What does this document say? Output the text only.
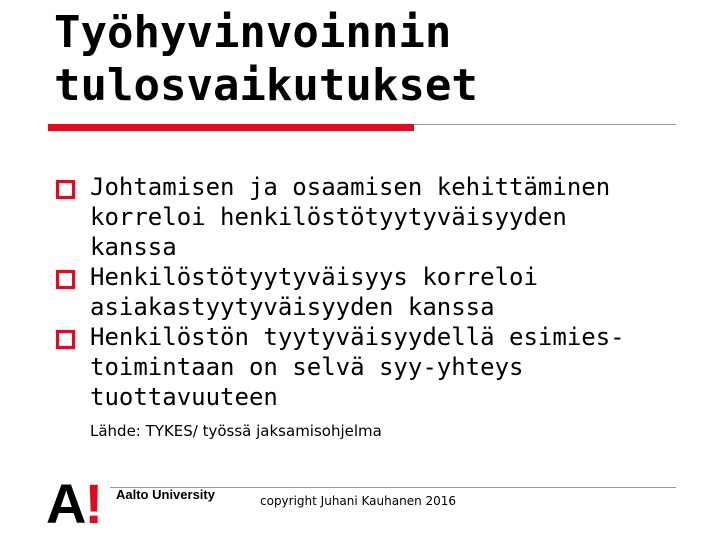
Työhyvinvoinnin
tulosvaikutukset
Johtamisen ja osaamisen kehittäminen
korreloi henkilöstötyytyväisyyden
kanssa
Henkilöstötyytyväisyys korreloi
asiakastyytyväisyyden kanssa
Henkilöstön tyytyväisyydellä esimies-
toimintaan on selvä syy-yhteys
tuottavuuteen
Lähde: TYKES/ työssä jaksamisohjelma
A! Aalto University	copyright Juhani Kauhanen 2016
